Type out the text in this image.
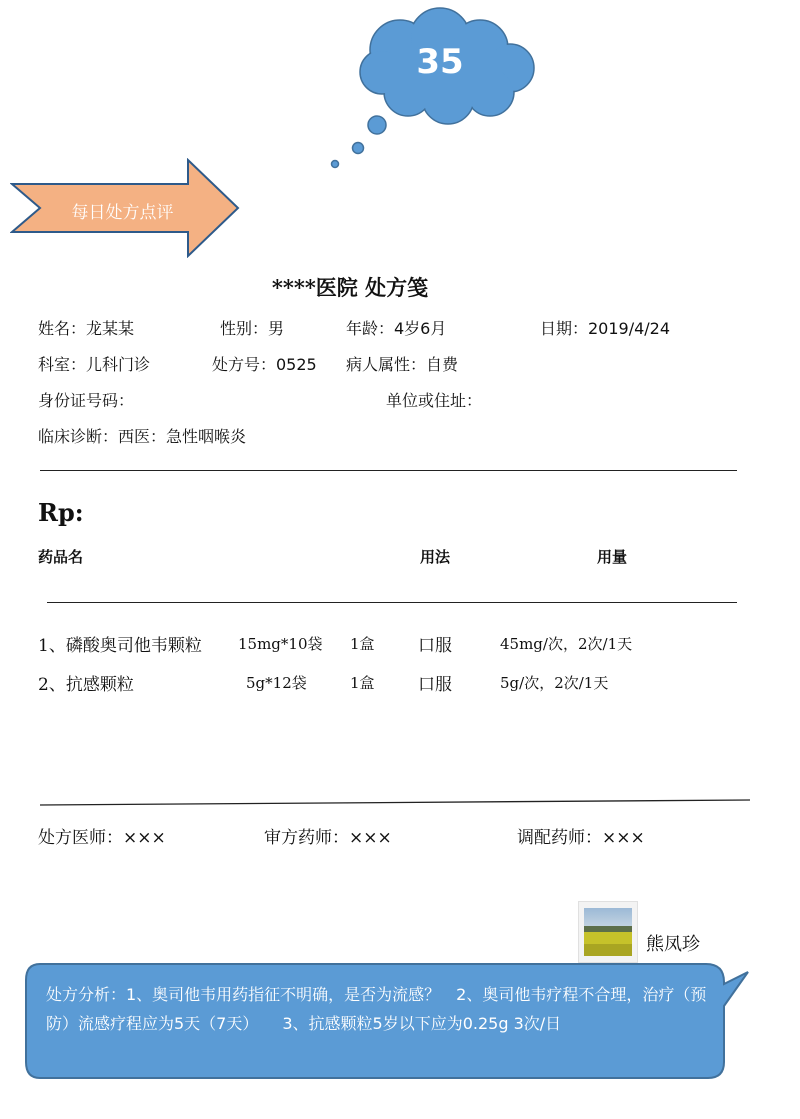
35
每日处方点评
****医院 处方笺
姓名：龙某某	性别：男	年龄：4岁6月	日期：2019/4/24
科室：儿科门诊	处方号：0525 病人属性：自费
身份证号码：	单位或住址：
临床诊断：西医：急性咽喉炎
Rp:
药品名	用法	用量
1、磷酸奥司他韦颗粒 15mg*10袋 1盒	口服	45mg/次，2次/1天
2、抗感颗粒	5g*12袋	1盒	口服	5g/次，2次/1天
处方医师：×××	审方药师：×××	调配药师：×××
熊凤珍
处方分析：1、奥司他韦用药指征不明确，是否为流感？　2、奥司他韦疗程不合理，治疗（预防）流感疗程应为5天（7天）　　3、抗感颗粒5岁以下应为0.25g 3次/日
